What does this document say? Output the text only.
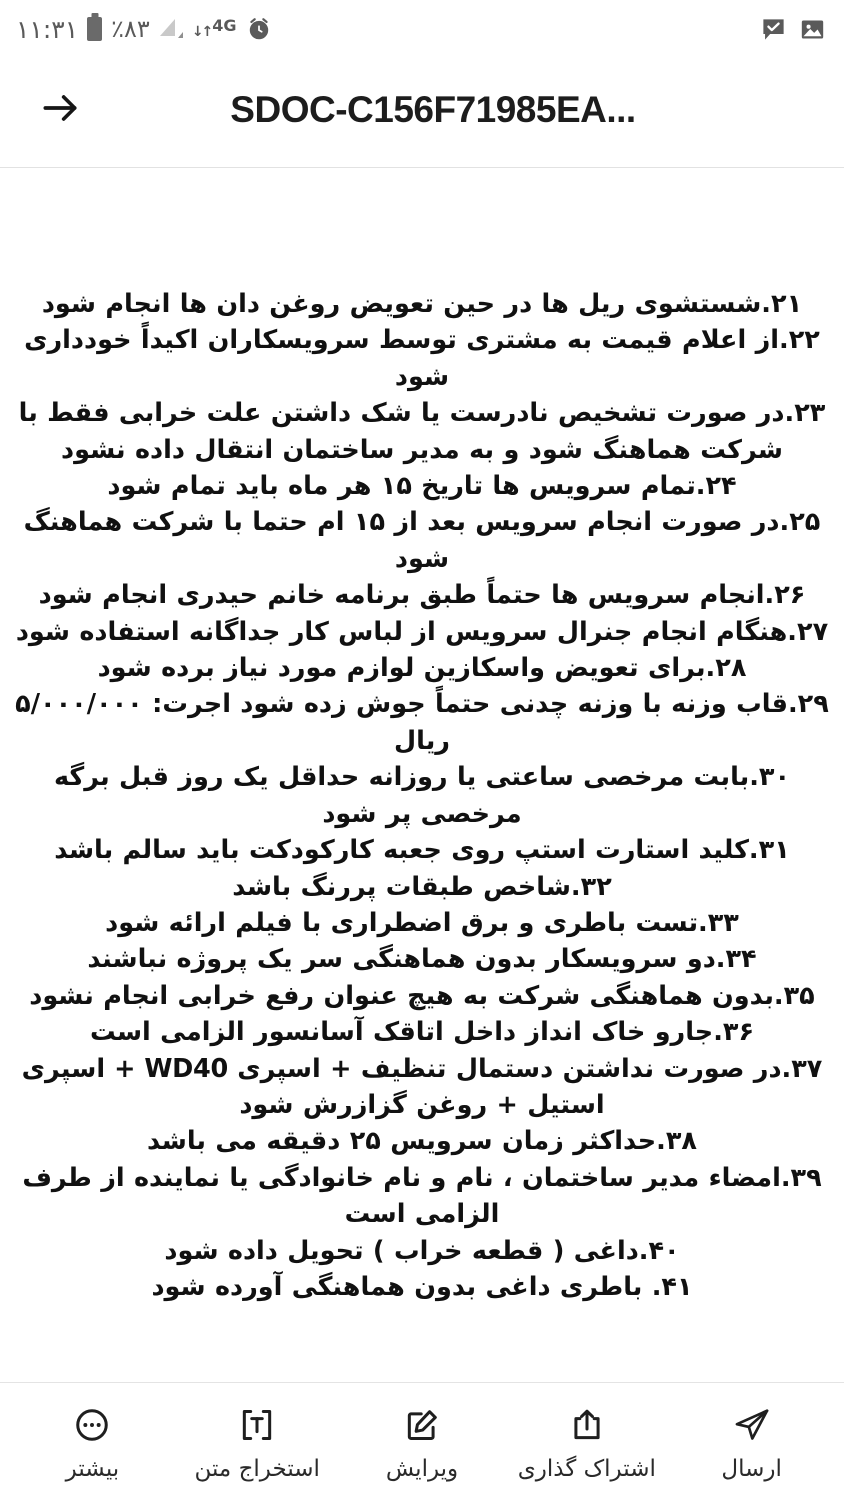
۱۱:۳۱ ٪۸۳	↓↑ 4G
SDOC-C156F71985EA...

۲۱.شستشوی ریل ها در حین تعویض روغن دان ها انجام شود

۲۲.از اعلام قیمت به مشتری توسط سرویسکاران اکیداً خودداری شود

۲۳.در صورت تشخیص نادرست یا شک داشتن علت خرابی فقط با شرکت هماهنگ شود و به مدیر ساختمان انتقال داده نشود

۲۴.تمام سرویس ها تاریخ ۱۵ هر ماه باید تمام شود

۲۵.در صورت انجام سرویس بعد از ۱۵ ام حتما با شرکت هماهنگ شود

۲۶.انجام سرویس ها حتماً طبق برنامه خانم حیدری انجام شود

۲۷.هنگام انجام جنرال سرویس از لباس کار جداگانه استفاده شود

۲۸.برای تعویض واسکازین لوازم مورد نیاز برده شود

۲۹.قاب وزنه با وزنه چدنی حتماً جوش زده شود اجرت: ۵/۰۰۰/۰۰۰ ریال

۳۰.بابت مرخصی ساعتی یا روزانه حداقل یک روز قبل برگه مرخصی پر شود

۳۱.کلید استارت استپ روی جعبه کارکودکت باید سالم باشد

۳۲.شاخص طبقات پررنگ باشد

۳۳.تست باطری و برق اضطراری با فیلم ارائه شود

۳۴.دو سرویسکار بدون هماهنگی سر یک پروژه نباشند

۳۵.بدون هماهنگی شرکت به هیچ عنوان رفع خرابی انجام نشود

۳۶.جارو خاک انداز داخل اتاقک آسانسور الزامی است

۳۷.در صورت نداشتن دستمال تنظیف + اسپری WD40 + اسپری استیل + روغن گزازرش شود

۳۸.حداکثر زمان سرویس ۲۵ دقیقه می باشد

۳۹.امضاء مدیر ساختمان ، نام و نام خانوادگی یا نماینده از طرف الزامی است

۴۰.داغی ( قطعه خراب ) تحویل داده شود

۴۱. باطری داغی بدون هماهنگی آورده شود

ارسال
اشتراک گذاری
ویرایش
استخراج متن
بیشتر
